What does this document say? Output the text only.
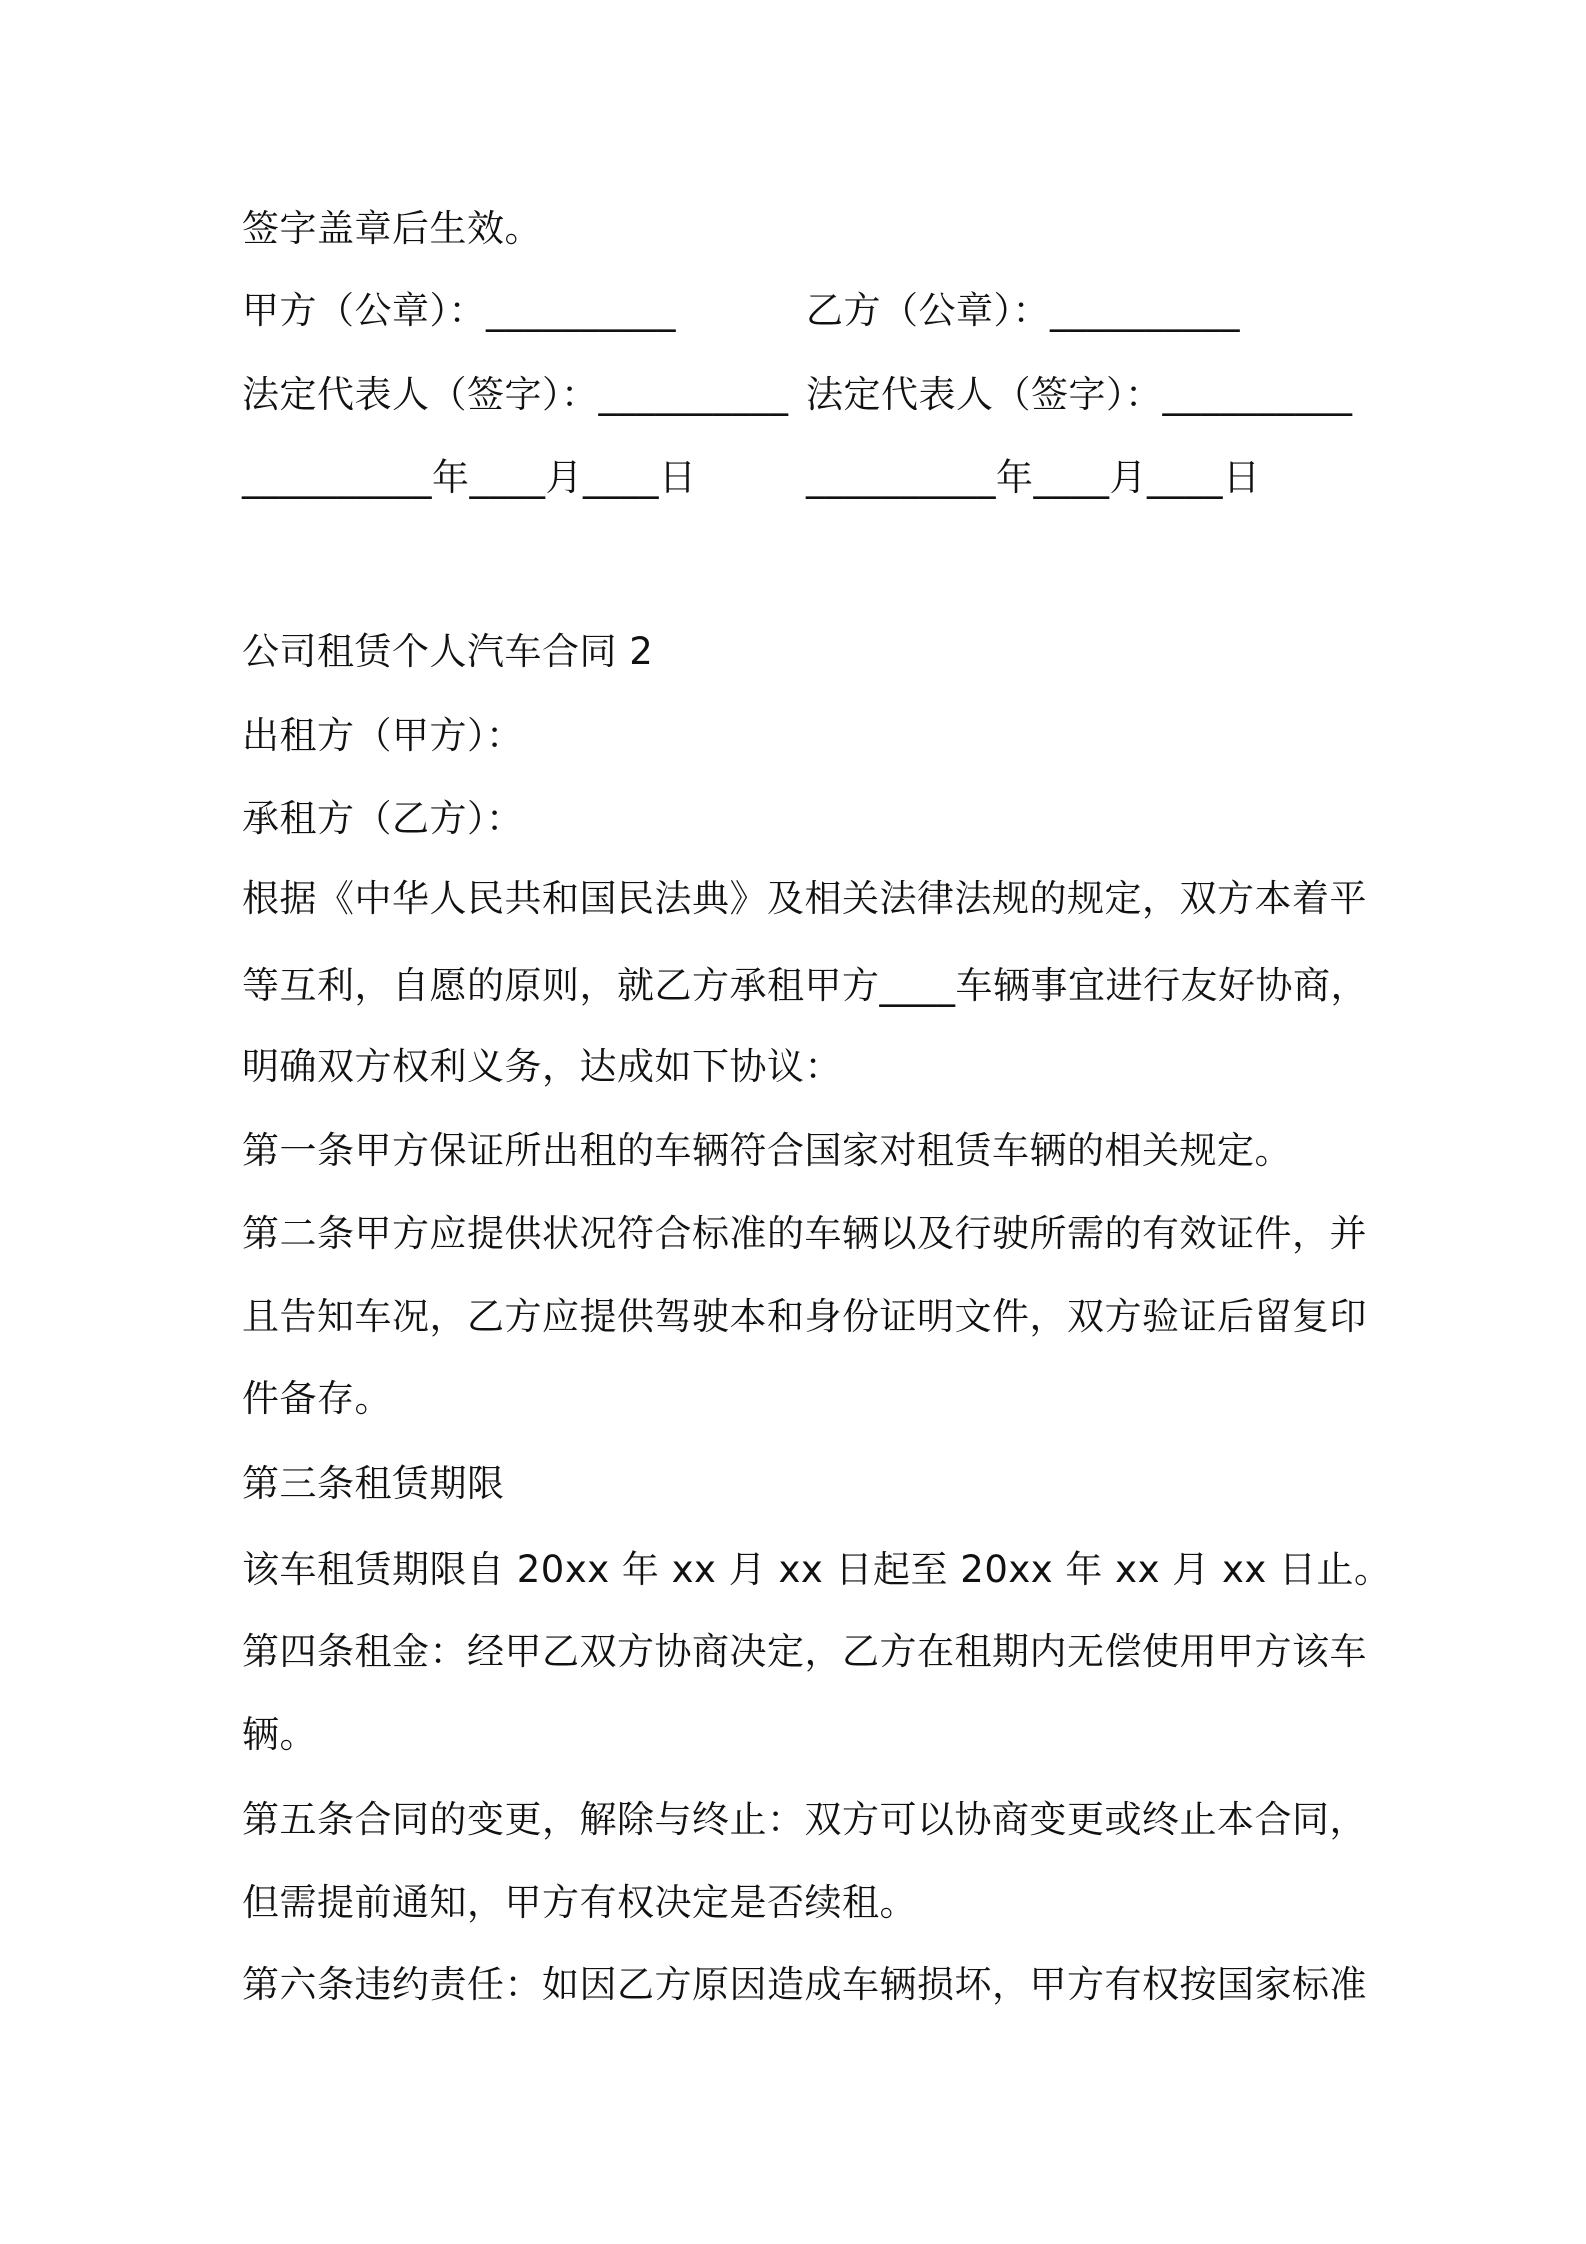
签字盖章后生效。
甲方（公章）：__________	乙方（公章）：__________
法定代表人（签字）：__________ 法定代表人（签字）：__________
__________年____月____日	__________年____月____日
公司租赁个人汽车合同 2
出租方（甲方）：
承租方（乙方）：
根据《中华人民共和国民法典》及相关法律法规的规定，双方本着平
等互利，自愿的原则，就乙方承租甲方____车辆事宜进行友好协商，
明确双方权利义务，达成如下协议：
第一条甲方保证所出租的车辆符合国家对租赁车辆的相关规定。
第二条甲方应提供状况符合标准的车辆以及行驶所需的有效证件，并
且告知车况，乙方应提供驾驶本和身份证明文件，双方验证后留复印
件备存。
第三条租赁期限
该车租赁期限自 20xx 年 xx 月 xx 日起至 20xx 年 xx 月 xx 日止。
第四条租金：经甲乙双方协商决定，乙方在租期内无偿使用甲方该车
辆。
第五条合同的变更，解除与终止：双方可以协商变更或终止本合同，
但需提前通知，甲方有权决定是否续租。
第六条违约责任：如因乙方原因造成车辆损坏，甲方有权按国家标准
